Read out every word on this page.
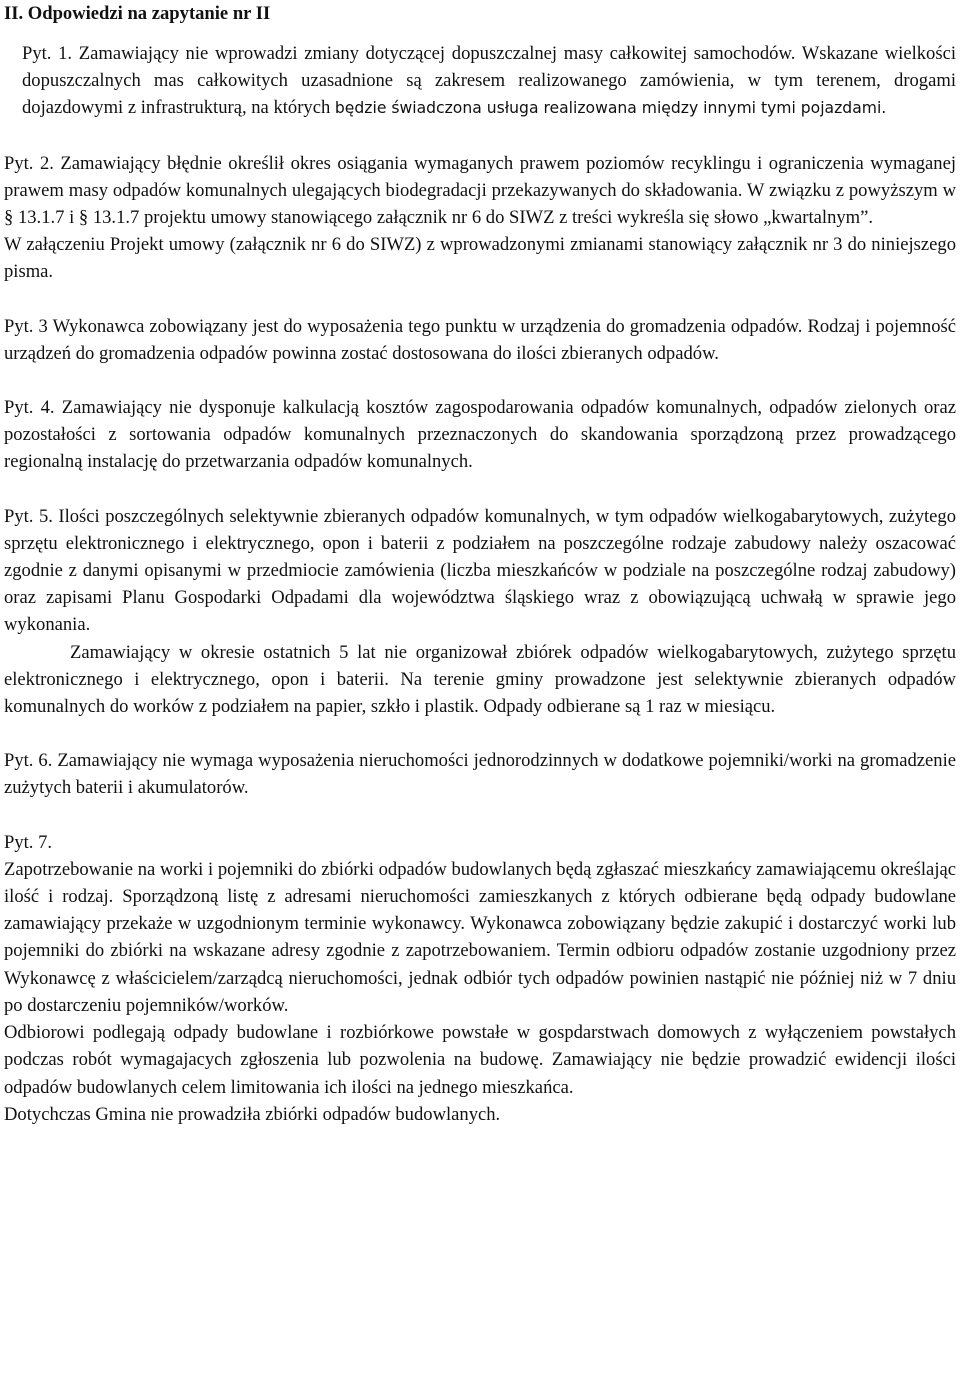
II. Odpowiedzi na zapytanie nr II

Pyt. 1. Zamawiający nie wprowadzi zmiany dotyczącej dopuszczalnej masy całkowitej samochodów. Wskazane wielkości dopuszczalnych mas całkowitych uzasadnione są zakresem realizowanego zamówienia, w tym terenem, drogami dojazdowymi z infrastrukturą, na których będzie świadczona usługa realizowana między innymi tymi pojazdami.

Pyt. 2. Zamawiający błędnie określił okres osiągania wymaganych prawem poziomów recyklingu i ograniczenia wymaganej prawem masy odpadów komunalnych ulegających biodegradacji przekazywanych do składowania. W związku z powyższym w § 13.1.7 i § 13.1.7 projektu umowy stanowiącego załącznik nr 6 do SIWZ z treści wykreśla się słowo „kwartalnym”.

W załączeniu Projekt umowy (załącznik nr 6 do SIWZ) z wprowadzonymi zmianami stanowiący załącznik nr 3 do niniejszego pisma.

Pyt. 3 Wykonawca zobowiązany jest do wyposażenia tego punktu w urządzenia do gromadzenia odpadów. Rodzaj i pojemność urządzeń do gromadzenia odpadów powinna zostać dostosowana do ilości zbieranych odpadów.

Pyt. 4. Zamawiający nie dysponuje kalkulacją kosztów zagospodarowania odpadów komunalnych, odpadów zielonych oraz pozostałości z sortowania odpadów komunalnych przeznaczonych do skandowania sporządzoną przez prowadzącego regionalną instalację do przetwarzania odpadów komunalnych.

Pyt. 5. Ilości poszczególnych selektywnie zbieranych odpadów komunalnych, w tym odpadów wielkogabarytowych, zużytego sprzętu elektronicznego i elektrycznego, opon i baterii z podziałem na poszczególne rodzaje zabudowy należy oszacować zgodnie z danymi opisanymi w przedmiocie zamówienia (liczba mieszkańców w podziale na poszczególne rodzaj zabudowy) oraz zapisami Planu Gospodarki Odpadami dla województwa śląskiego wraz z obowiązującą uchwałą w sprawie jego wykonania.

Zamawiający w okresie ostatnich 5 lat nie organizował zbiórek odpadów wielkogabarytowych, zużytego sprzętu elektronicznego i elektrycznego, opon i baterii. Na terenie gminy prowadzone jest selektywnie zbieranych odpadów komunalnych do worków z podziałem na papier, szkło i plastik. Odpady odbierane są 1 raz w miesiącu.

Pyt. 6. Zamawiający nie wymaga wyposażenia nieruchomości jednorodzinnych w dodatkowe pojemniki/worki na gromadzenie zużytych baterii i akumulatorów.

Pyt. 7.

Zapotrzebowanie na worki i pojemniki do zbiórki odpadów budowlanych będą zgłaszać mieszkańcy zamawiającemu określając ilość i rodzaj. Sporządzoną listę z adresami nieruchomości zamieszkanych z których odbierane będą odpady budowlane zamawiający przekaże w uzgodnionym terminie wykonawcy. Wykonawca zobowiązany będzie zakupić i dostarczyć worki lub pojemniki do zbiórki na wskazane adresy zgodnie z zapotrzebowaniem. Termin odbioru odpadów zostanie uzgodniony przez Wykonawcę z właścicielem/zarządcą nieruchomości, jednak odbiór tych odpadów powinien nastąpić nie później niż w 7 dniu po dostarczeniu pojemników/worków.

Odbiorowi podlegają odpady budowlane i rozbiórkowe powstałe w gospdarstwach domowych z wyłączeniem powstałych podczas robót wymagajacych zgłoszenia lub pozwolenia na budowę. Zamawiający nie będzie prowadzić ewidencji ilości odpadów budowlanych celem limitowania ich ilości na jednego mieszkańca.

Dotychczas Gmina nie prowadziła zbiórki odpadów budowlanych.
